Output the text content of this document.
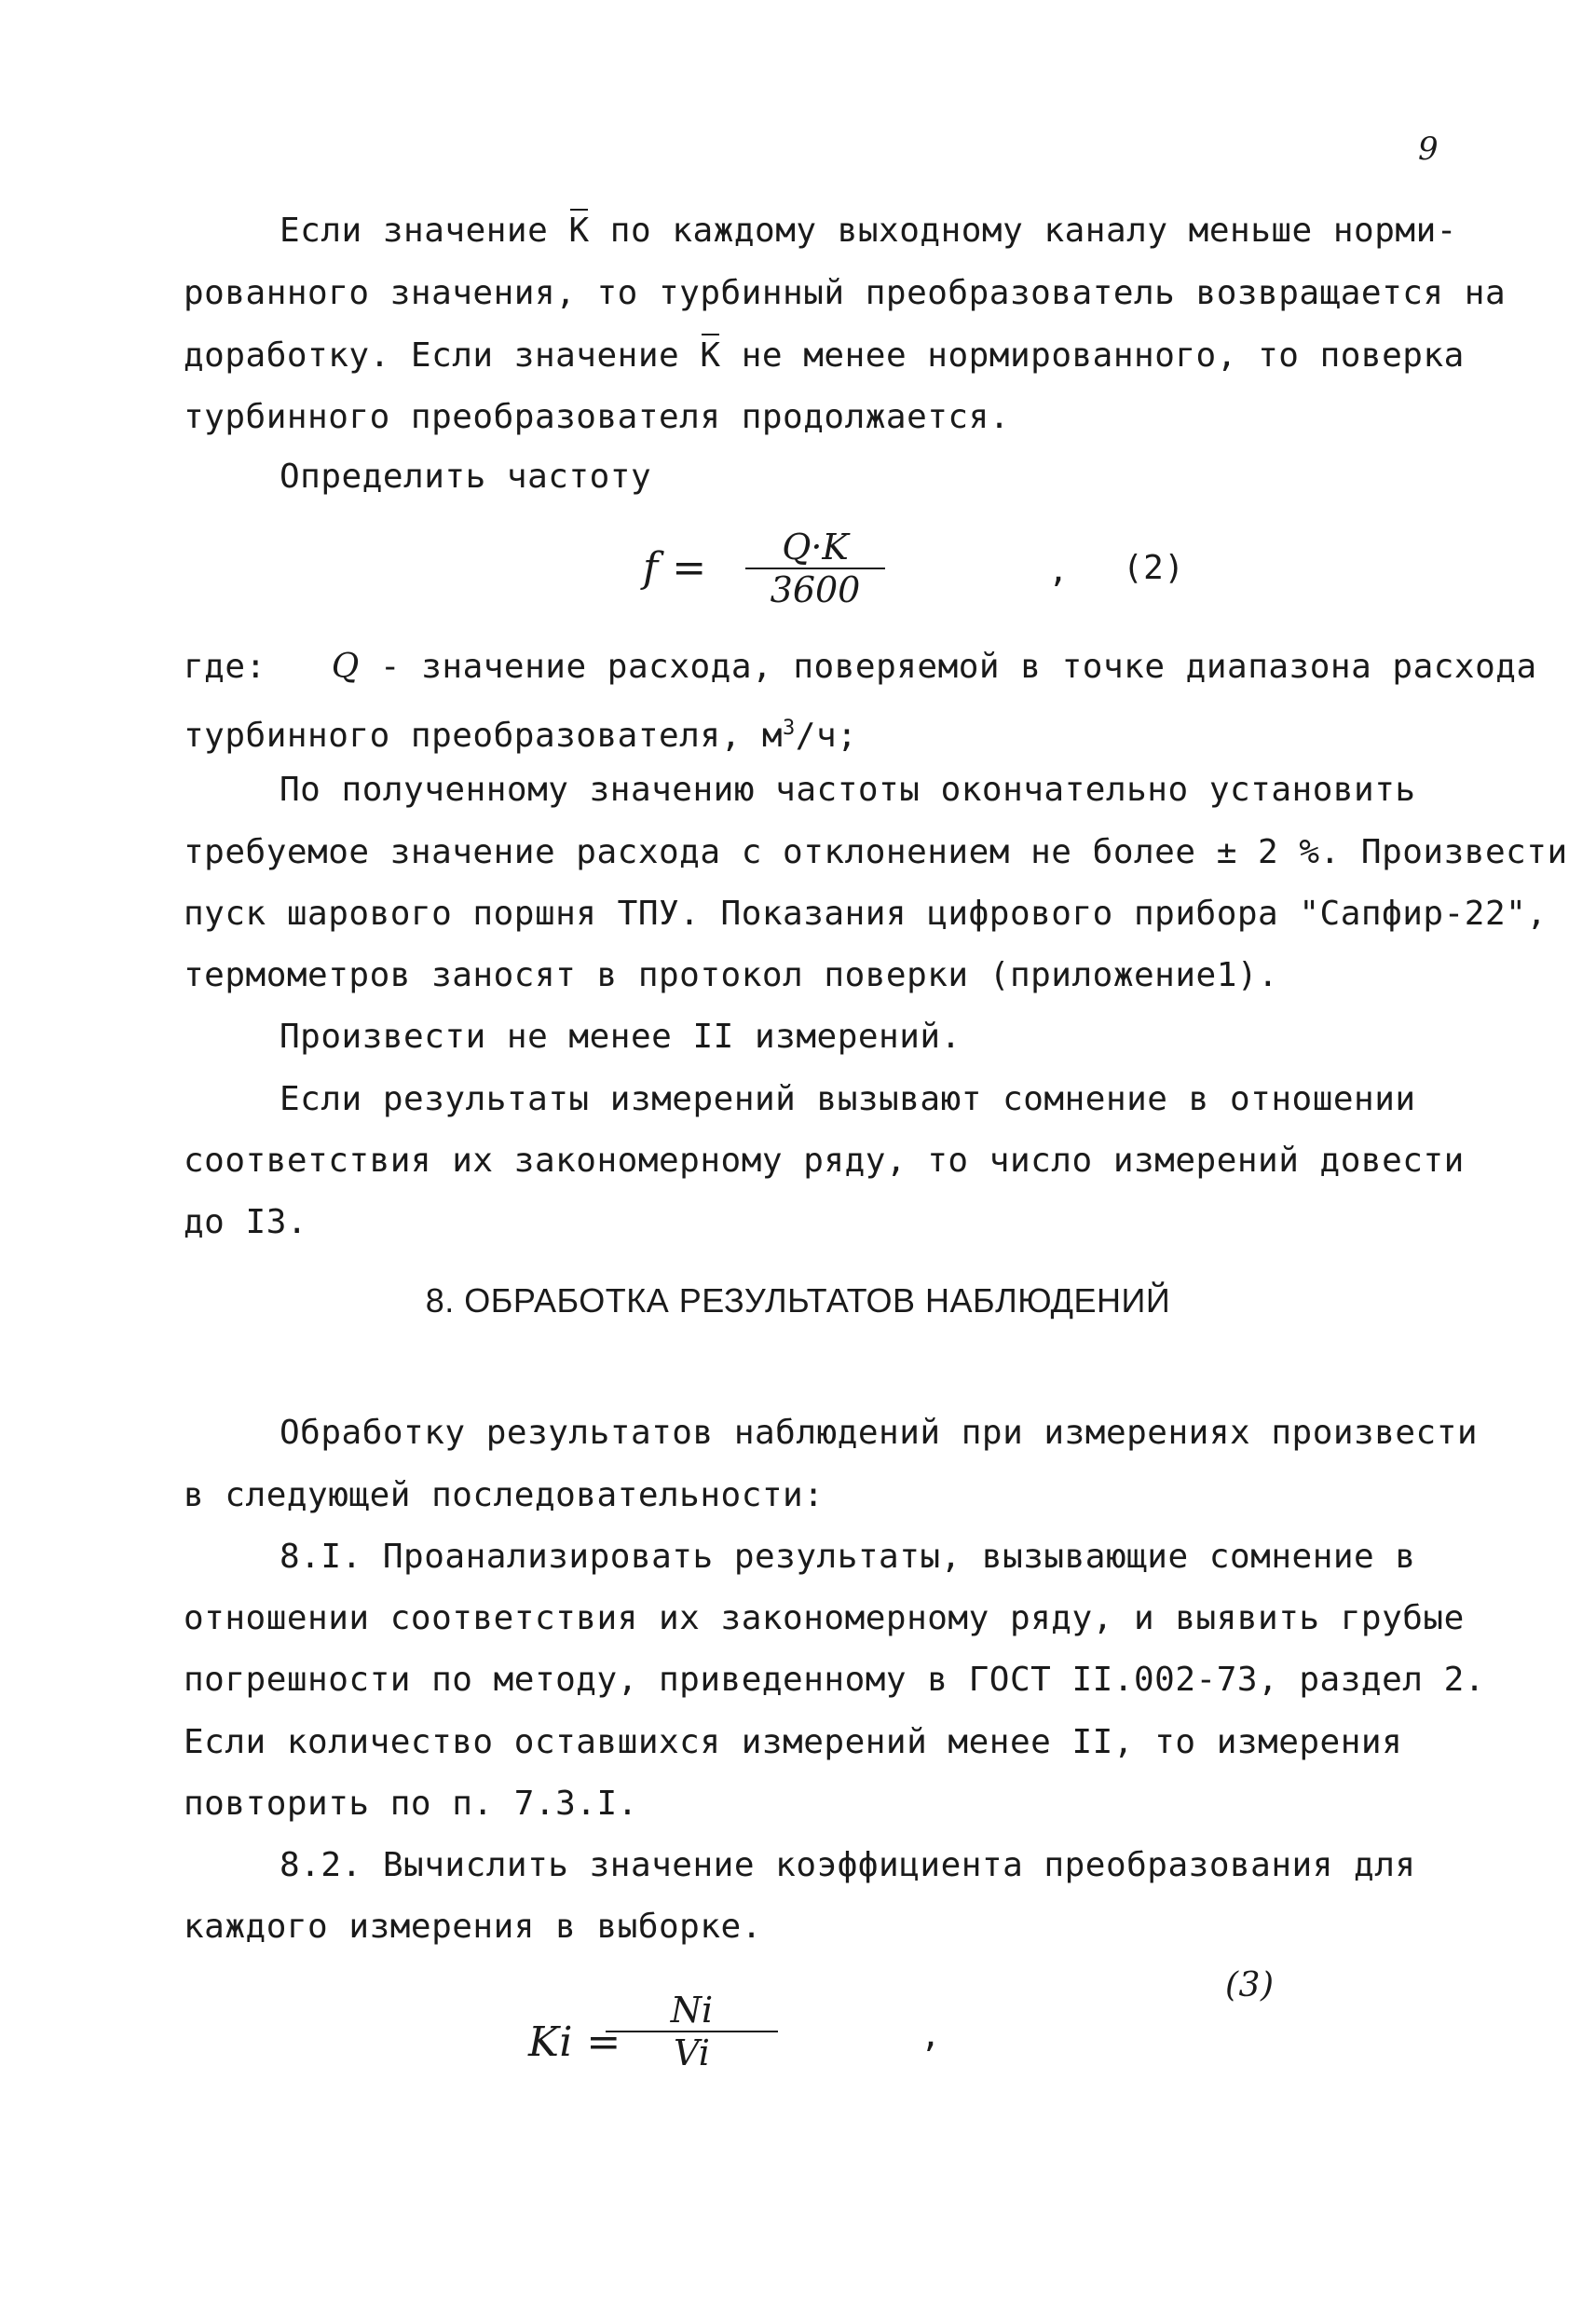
9
Если значение K по каждому выходному каналу меньше норми-
рованного значения, то турбинный преобразователь возвращается на
доработку. Если значение K не менее нормированного, то поверка
турбинного преобразователя продолжается.
Определить частоту
f = Q·K
3600	, (2)
где: Q - значение расхода, поверяемой в точке диапазона расхода
турбинного преобразователя, $м^3/ч$;
По полученному значению частоты окончательно установить
требуемое значение расхода с отклонением не более ± 2 %. Произвести
пуск шарового поршня ТПУ. Показания цифрового прибора "Сапфир-22",
термометров заносят в протокол поверки (приложение1).
Произвести не менее II измерений.
Если результаты измерений вызывают сомнение в отношении
соответствия их закономерному ряду, то число измерений довести
до I3.
8. ОБРАБОТКА РЕЗУЛЬТАТОВ НАБЛЮДЕНИЙ
Обработку результатов наблюдений при измерениях произвести
в следующей последовательности:
8.I. Проанализировать результаты, вызывающие сомнение в
отношении соответствия их закономерному ряду, и выявить грубые
погрешности по методу, приведенному в ГОСТ II.002-73, раздел 2.
Если количество оставшихся измерений менее II, то измерения
повторить по п. 7.3.I.
8.2. Вычислить значение коэффициента преобразования для
каждого измерения в выборке.
(3)
Ki =
Ni
Vi	,
